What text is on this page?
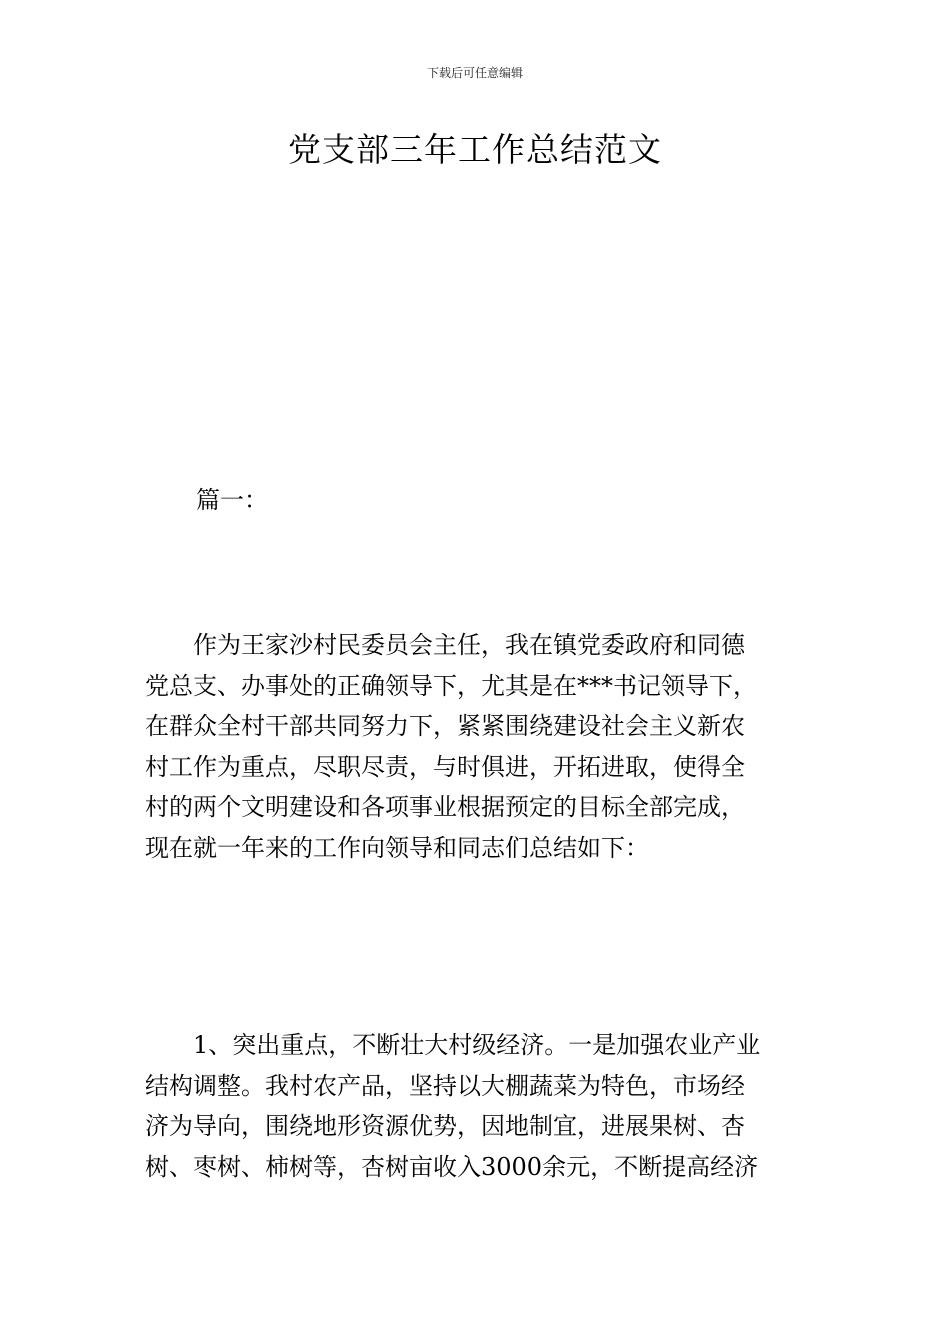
下载后可任意编辑
党支部三年工作总结范文

篇一：

　　作为王家沙村民委员会主任，我在镇党委政府和同德
党总支、办事处的正确领导下，尤其是在***书记领导下，
在群众全村干部共同努力下，紧紧围绕建设社会主义新农
村工作为重点，尽职尽责，与时俱进，开拓进取，使得全
村的两个文明建设和各项事业根据预定的目标全部完成，
现在就一年来的工作向领导和同志们总结如下：
　　1、突出重点，不断壮大村级经济。一是加强农业产业
结构调整。我村农产品，坚持以大棚蔬菜为特色，市场经
济为导向，围绕地形资源优势，因地制宜，进展果树、杏
树、枣树、柿树等，杏树亩收入3000余元，不断提高经济
